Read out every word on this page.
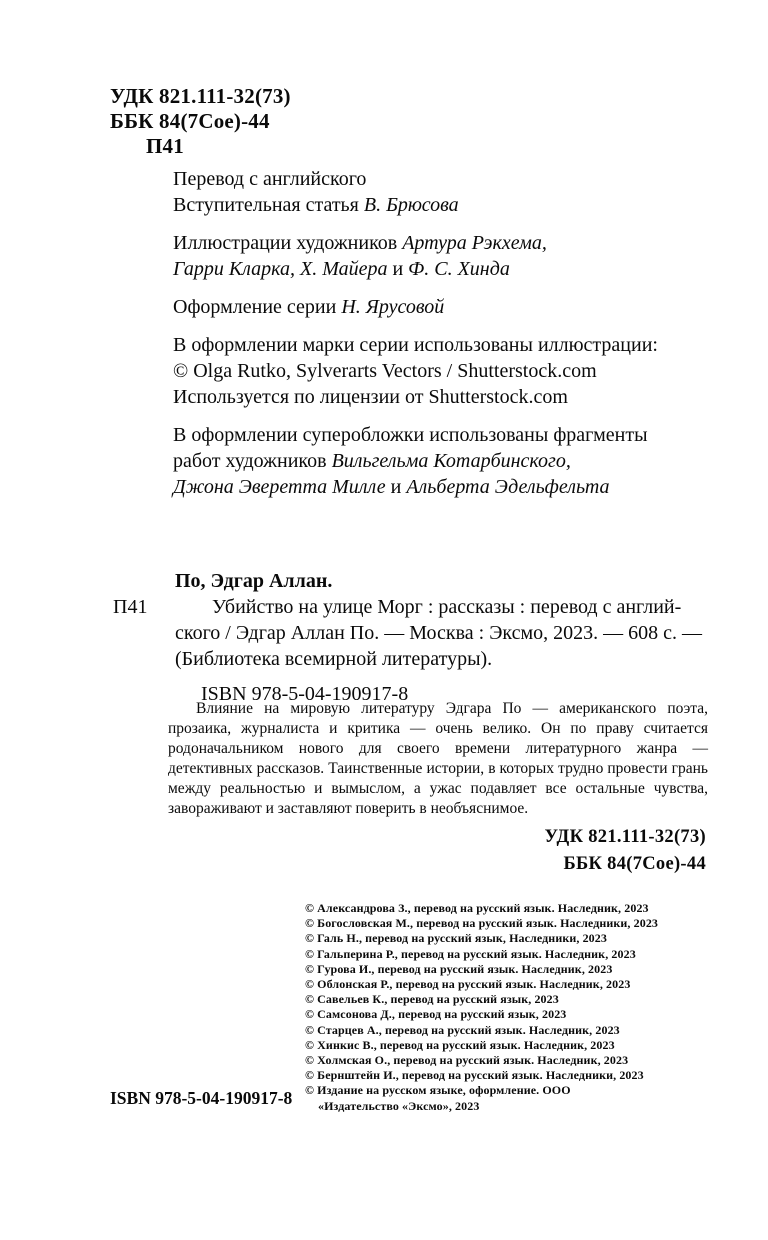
УДК 821.111-32(73)
ББК 84(7Сое)-44
П41

Перевод с английского
Вступительная статья В. Брюсова

Иллюстрации художников Артура Рэкхема,
Гарри Кларка, Х. Майера и Ф. С. Хинда

Оформление серии Н. Ярусовой

В оформлении марки серии использованы иллюстрации:
© Olga Rutko, Sylverarts Vectors / Shutterstock.com
Используется по лицензии от Shutterstock.com

В оформлении суперобложки использованы фрагменты
работ художников Вильгельма Котарбинского,
Джона Эверетта Милле и Альберта Эдельфельта

По, Эдгар Аллан.
П41	Убийство на улице Морг : рассказы : перевод с англий-
ского / Эдгар Аллан По. — Москва : Эксмо, 2023. — 608 с. —
(Библиотека всемирной литературы).
ISBN 978-5-04-190917-8
Влияние на мировую литературу Эдгара По — американского поэта, прозаика, журналиста и критика — очень велико. Он по праву считается родоначальником нового для своего времени литературного жанра — детективных рассказов. Таинственные истории, в которых трудно провести грань между реальностью и вымыслом, а ужас подавляет все остальные чувства, завораживают и заставляют поверить в необъяснимое.
УДК 821.111-32(73)
ББК 84(7Сое)-44
© Александрова З., перевод на русский язык. Наследник, 2023
© Богословская М., перевод на русский язык. Наследники, 2023
© Галь Н., перевод на русский язык, Наследники, 2023
© Гальперина Р., перевод на русский язык. Наследник, 2023
© Гурова И., перевод на русский язык. Наследник, 2023
© Облонская Р., перевод на русский язык. Наследник, 2023
© Савельев К., перевод на русский язык, 2023
© Самсонова Д., перевод на русский язык, 2023
© Старцев А., перевод на русский язык. Наследник, 2023
© Хинкис В., перевод на русский язык. Наследник, 2023
© Холмская О., перевод на русский язык. Наследник, 2023
© Бернштейн И., перевод на русский язык. Наследники, 2023
© Издание на русском языке, оформление. ООО
«Издательство «Эксмо», 2023
ISBN 978-5-04-190917-8
